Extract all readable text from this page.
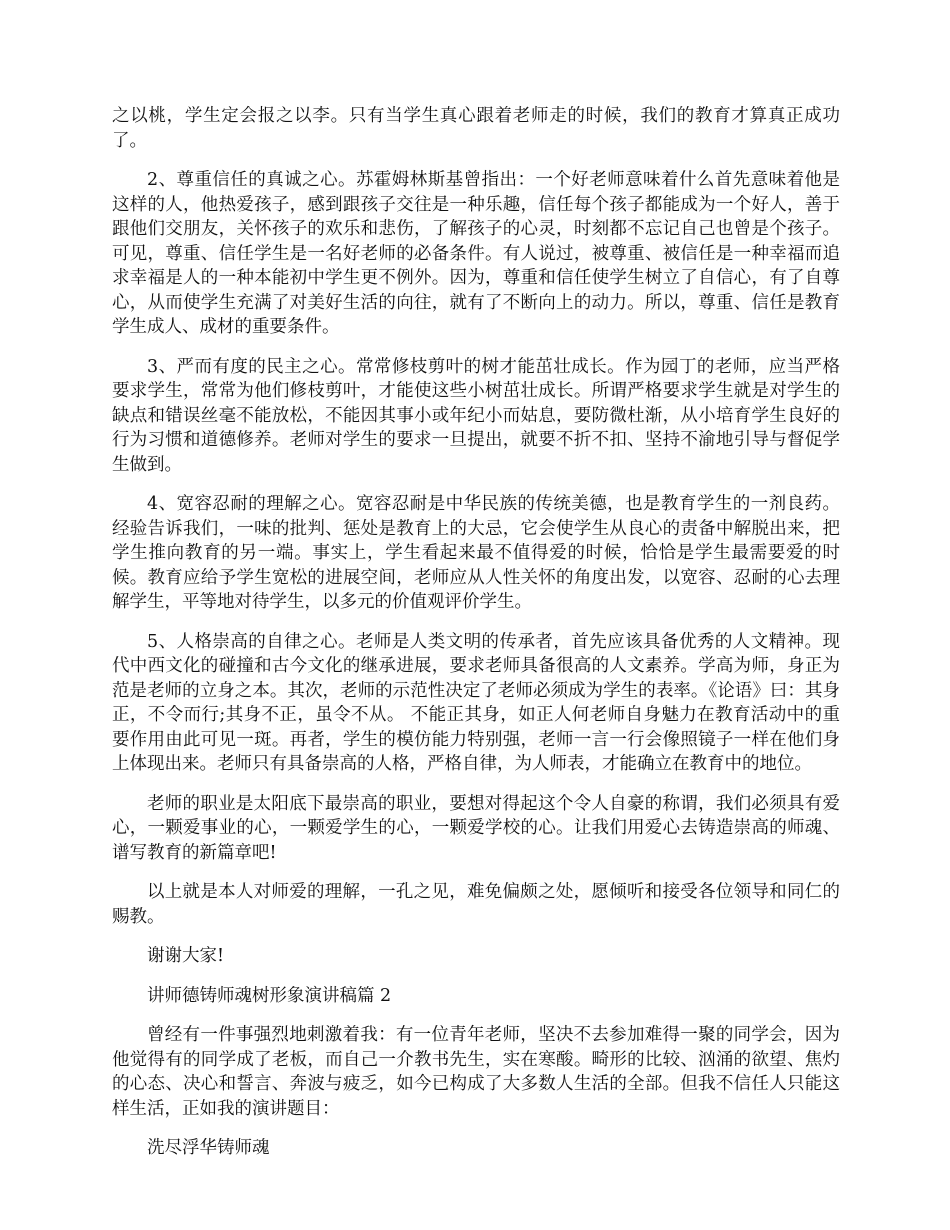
之以桃，学生定会报之以李。只有当学生真心跟着老师走的时候，我们的教育才算真正成功了。

2、尊重信任的真诚之心。苏霍姆林斯基曾指出：一个好老师意味着什么首先意味着他是这样的人，他热爱孩子，感到跟孩子交往是一种乐趣，信任每个孩子都能成为一个好人，善于跟他们交朋友，关怀孩子的欢乐和悲伤，了解孩子的心灵，时刻都不忘记自己也曾是个孩子。可见，尊重、信任学生是一名好老师的必备条件。有人说过，被尊重、被信任是一种幸福而追求幸福是人的一种本能初中学生更不例外。因为，尊重和信任使学生树立了自信心，有了自尊心，从而使学生充满了对美好生活的向往，就有了不断向上的动力。所以，尊重、信任是教育学生成人、成材的重要条件。

3、严而有度的民主之心。常常修枝剪叶的树才能茁壮成长。作为园丁的老师，应当严格要求学生，常常为他们修枝剪叶，才能使这些小树茁壮成长。所谓严格要求学生就是对学生的缺点和错误丝毫不能放松，不能因其事小或年纪小而姑息，要防微杜渐，从小培育学生良好的行为习惯和道德修养。老师对学生的要求一旦提出，就要不折不扣、坚持不渝地引导与督促学生做到。

4、宽容忍耐的理解之心。宽容忍耐是中华民族的传统美德，也是教育学生的一剂良药。经验告诉我们，一味的批判、惩处是教育上的大忌，它会使学生从良心的责备中解脱出来，把学生推向教育的另一端。事实上，学生看起来最不值得爱的时候，恰恰是学生最需要爱的时候。教育应给予学生宽松的进展空间，老师应从人性关怀的角度出发，以宽容、忍耐的心去理解学生，平等地对待学生，以多元的价值观评价学生。

5、人格崇高的自律之心。老师是人类文明的传承者，首先应该具备优秀的人文精神。现代中西文化的碰撞和古今文化的继承进展，要求老师具备很高的人文素养。学高为师，身正为范是老师的立身之本。其次，老师的示范性决定了老师必须成为学生的表率。《论语》曰：其身正，不令而行;其身不正，虽令不从。 不能正其身，如正人何老师自身魅力在教育活动中的重要作用由此可见一斑。再者，学生的模仿能力特别强，老师一言一行会像照镜子一样在他们身上体现出来。老师只有具备崇高的人格，严格自律，为人师表，才能确立在教育中的地位。

老师的职业是太阳底下最崇高的职业，要想对得起这个令人自豪的称谓，我们必须具有爱心，一颗爱事业的心，一颗爱学生的心，一颗爱学校的心。让我们用爱心去铸造崇高的师魂、谱写教育的新篇章吧!

以上就是本人对师爱的理解，一孔之见，难免偏颇之处，愿倾听和接受各位领导和同仁的赐教。

谢谢大家!

讲师德铸师魂树形象演讲稿篇 2

曾经有一件事强烈地刺激着我：有一位青年老师，坚决不去参加难得一聚的同学会，因为他觉得有的同学成了老板，而自己一介教书先生，实在寒酸。畸形的比较、汹涌的欲望、焦灼的心态、决心和誓言、奔波与疲乏，如今已构成了大多数人生活的全部。但我不信任人只能这样生活，正如我的演讲题目：

洗尽浮华铸师魂
